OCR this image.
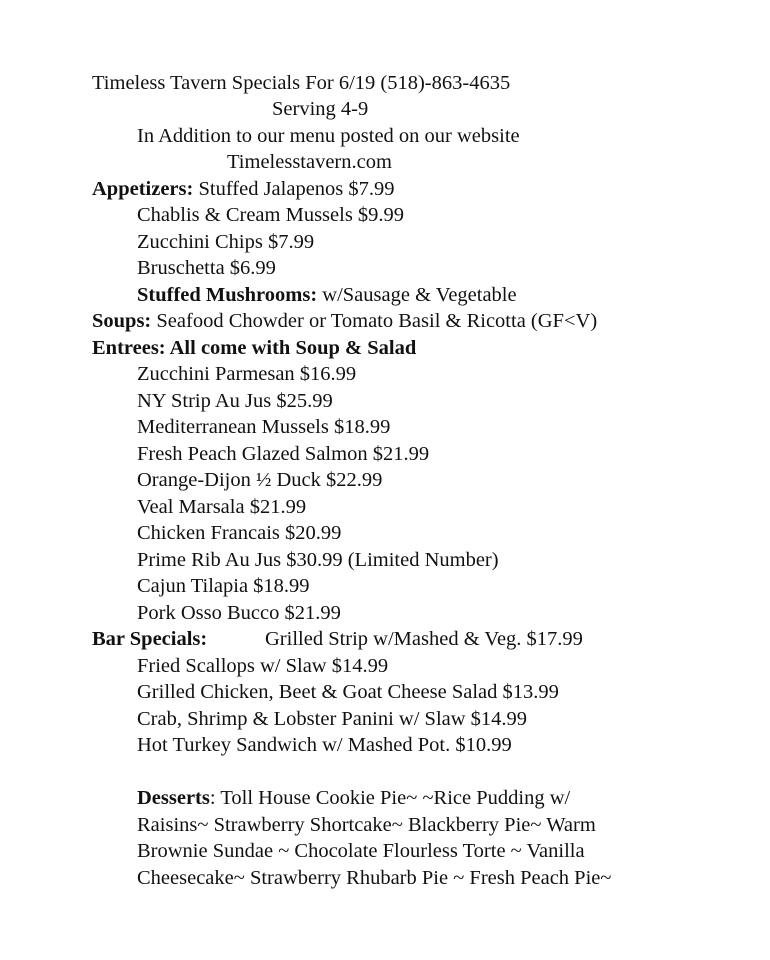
Timeless Tavern Specials For 6/19 (518)-863-4635
Serving 4-9
In Addition to our menu posted on our website
Timelesstavern.com
Appetizers: Stuffed Jalapenos $7.99
Chablis & Cream Mussels $9.99
Zucchini Chips $7.99
Bruschetta $6.99
Stuffed Mushrooms: w/Sausage & Vegetable
Soups: Seafood Chowder or Tomato Basil & Ricotta (GF<V)
Entrees: All come with Soup & Salad
Zucchini Parmesan $16.99
NY Strip Au Jus $25.99
Mediterranean Mussels $18.99
Fresh Peach Glazed Salmon $21.99
Orange-Dijon ½ Duck $22.99
Veal Marsala $21.99
Chicken Francais $20.99
Prime Rib Au Jus $30.99 (Limited Number)
Cajun Tilapia $18.99
Pork Osso Bucco $21.99
Bar Specials:	Grilled Strip w/Mashed & Veg. $17.99
Fried Scallops w/ Slaw $14.99
Grilled Chicken, Beet & Goat Cheese Salad $13.99
Crab, Shrimp & Lobster Panini w/ Slaw $14.99
Hot Turkey Sandwich w/ Mashed Pot. $10.99
Desserts: Toll House Cookie Pie~ ~Rice Pudding w/
Raisins~ Strawberry Shortcake~ Blackberry Pie~ Warm
Brownie Sundae ~ Chocolate Flourless Torte ~ Vanilla
Cheesecake~ Strawberry Rhubarb Pie ~ Fresh Peach Pie~
